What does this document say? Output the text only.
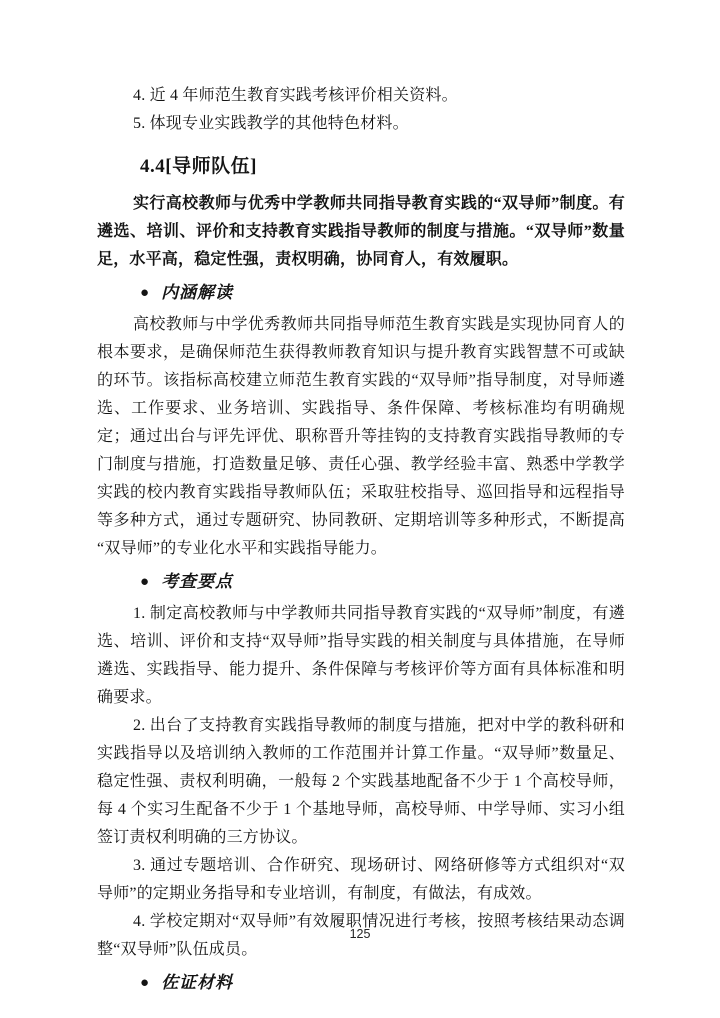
4. 近 4 年师范生教育实践考核评价相关资料。

5. 体现专业实践教学的其他特色材料。

4.4[导师队伍]

实行高校教师与优秀中学教师共同指导教育实践的“双导师”制度。有遴选、培训、评价和支持教育实践指导教师的制度与措施。“双导师”数量足，水平高，稳定性强，责权明确，协同育人，有效履职。

● 内涵解读

高校教师与中学优秀教师共同指导师范生教育实践是实现协同育人的根本要求，是确保师范生获得教师教育知识与提升教育实践智慧不可或缺的环节。该指标高校建立师范生教育实践的“双导师”指导制度，对导师遴选、工作要求、业务培训、实践指导、条件保障、考核标准均有明确规定；通过出台与评先评优、职称晋升等挂钩的支持教育实践指导教师的专门制度与措施，打造数量足够、责任心强、教学经验丰富、熟悉中学教学实践的校内教育实践指导教师队伍；采取驻校指导、巡回指导和远程指导等多种方式，通过专题研究、协同教研、定期培训等多种形式，不断提高“双导师”的专业化水平和实践指导能力。

● 考查要点

1. 制定高校教师与中学教师共同指导教育实践的“双导师”制度，有遴选、培训、评价和支持“双导师”指导实践的相关制度与具体措施，在导师遴选、实践指导、能力提升、条件保障与考核评价等方面有具体标准和明确要求。

2. 出台了支持教育实践指导教师的制度与措施，把对中学的教科研和实践指导以及培训纳入教师的工作范围并计算工作量。“双导师”数量足、稳定性强、责权利明确，一般每 2 个实践基地配备不少于 1 个高校导师，每 4 个实习生配备不少于 1 个基地导师，高校导师、中学导师、实习小组签订责权利明确的三方协议。

3. 通过专题培训、合作研究、现场研讨、网络研修等方式组织对“双导师”的定期业务指导和专业培训，有制度，有做法，有成效。

4. 学校定期对“双导师”有效履职情况进行考核，按照考核结果动态调整“双导师”队伍成员。

● 佐证材料
125
